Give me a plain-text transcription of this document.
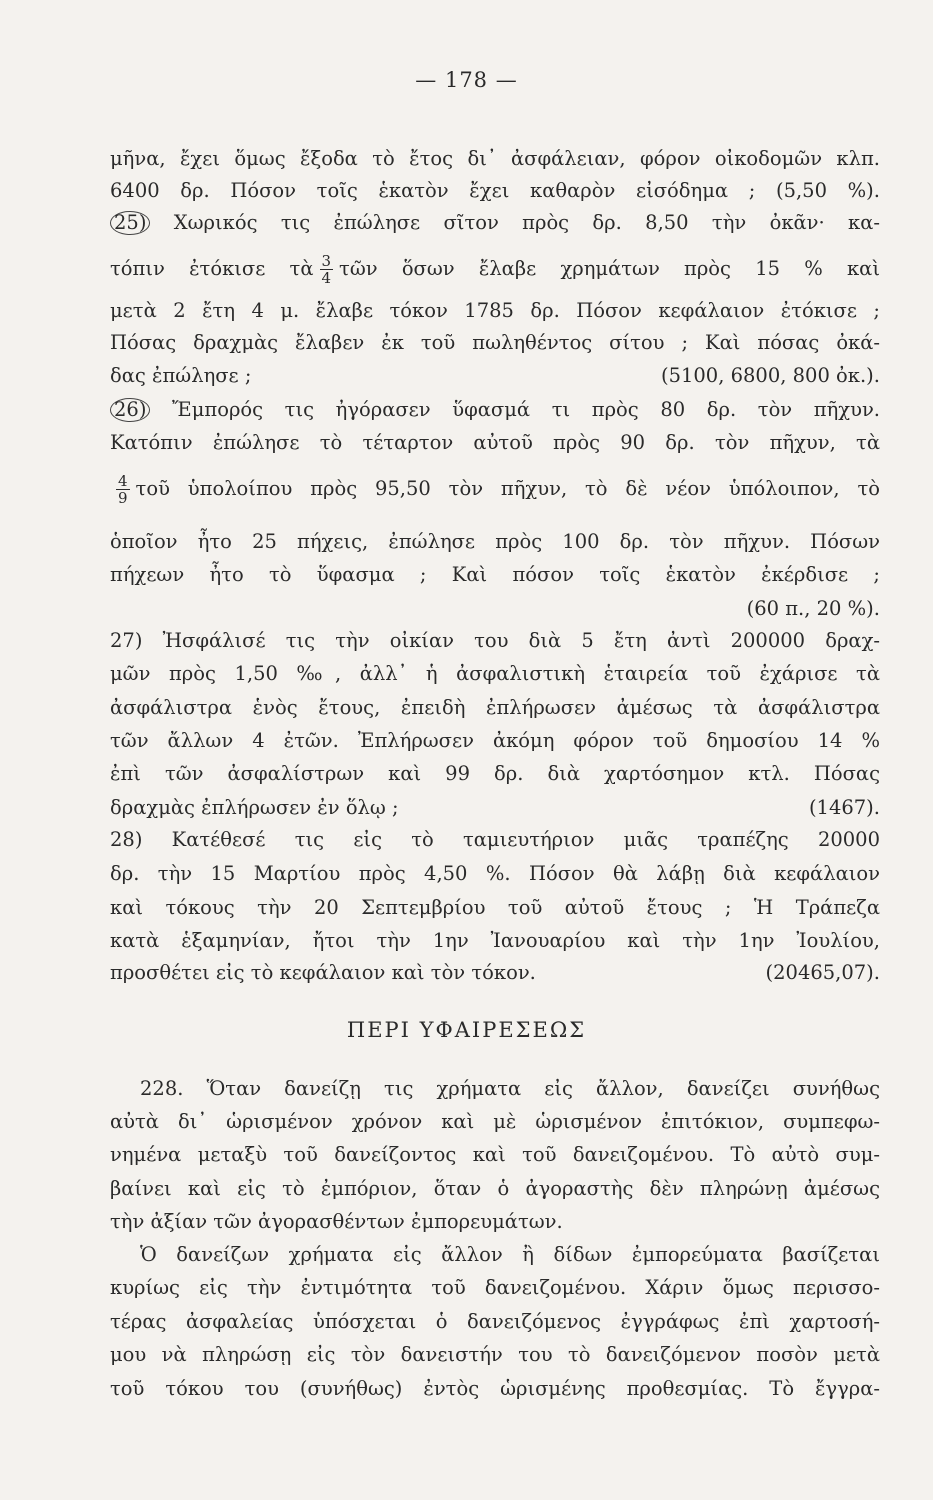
— 178 —
μῆνα, ἔχει ὅμως ἔξοδα τὸ ἔτος δι᾽ ἀσφάλειαν, φόρον οἰκοδομῶν κλπ.
6400 δρ. Πόσον τοῖς ἑκατὸν ἔχει καθαρὸν εἰσόδημα ; (5,50 %).
25) Χωρικός τις ἐπώλησε σῖτον πρὸς δρ. 8,50 τὴν ὀκᾶν· κα-
τόπιν ἐτόκισε τὰ $\frac{3}{4}$ τῶν ὅσων ἔλαβε χρημάτων πρὸς 15 % καὶ
μετὰ 2 ἔτη 4 μ. ἔλαβε τόκον 1785 δρ. Πόσον κεφάλαιον ἐτόκισε ;
Πόσας δραχμὰς ἔλαβεν ἐκ τοῦ πωληθέντος σίτου ; Καὶ πόσας ὀκά-
δας ἐπώλησε ;	(5100, 6800, 800 ὀκ.).
26) Ἔμπορός τις ἠγόρασεν ὕφασμά τι πρὸς 80 δρ. τὸν πῆχυν.
Κατόπιν ἐπώλησε τὸ τέταρτον αὐτοῦ πρὸς 90 δρ. τὸν πῆχυν, τὰ
$\frac{4}{9}$ τοῦ ὑπολοίπου πρὸς 95,50 τὸν πῆχυν, τὸ δὲ νέον ὑπόλοιπον, τὸ
ὁποῖον ἦτο 25 πήχεις, ἐπώλησε πρὸς 100 δρ. τὸν πῆχυν. Πόσων
πήχεων ἦτο τὸ ὕφασμα ; Καὶ πόσον τοῖς ἑκατὸν ἐκέρδισε ;
(60 π., 20 %).
27) Ἠσφάλισέ τις τὴν οἰκίαν του διὰ 5 ἔτη ἀντὶ 200000 δραχ-
μῶν πρὸς 1,50 ‰, ἀλλ᾽ ἡ ἀσφαλιστικὴ ἑταιρεία τοῦ ἐχάρισε τὰ
ἀσφάλιστρα ἑνὸς ἔτους, ἐπειδὴ ἐπλήρωσεν ἀμέσως τὰ ἀσφάλιστρα
τῶν ἄλλων 4 ἐτῶν. Ἐπλήρωσεν ἀκόμη φόρον τοῦ δημοσίου 14 %
ἐπὶ τῶν ἀσφαλίστρων καὶ 99 δρ. διὰ χαρτόσημον κτλ. Πόσας
δραχμὰς ἐπλήρωσεν ἐν ὅλῳ ;	(1467).
28) Κατέθεσέ τις εἰς τὸ ταμιευτήριον μιᾶς τραπέζης 20000
δρ. τὴν 15 Μαρτίου πρὸς 4,50 %. Πόσον θὰ λάβῃ διὰ κεφάλαιον
καὶ τόκους τὴν 20 Σεπτεμβρίου τοῦ αὐτοῦ ἔτους ; Ἡ Τράπεζα
κατὰ ἑξαμηνίαν, ἤτοι τὴν 1ην Ἰανουαρίου καὶ τὴν 1ην Ἰουλίου,
προσθέτει εἰς τὸ κεφάλαιον καὶ τὸν τόκον.	(20465,07).
ΠΕΡΙ ΥΦΑΙΡΕΣΕΩΣ
228. Ὅταν δανείζῃ τις χρήματα εἰς ἄλλον, δανείζει συνήθως
αὐτὰ δι᾽ ὡρισμένον χρόνον καὶ μὲ ὡρισμένον ἐπιτόκιον, συμπεφω-
νημένα μεταξὺ τοῦ δανείζοντος καὶ τοῦ δανειζομένου. Τὸ αὐτὸ συμ-
βαίνει καὶ εἰς τὸ ἐμπόριον, ὅταν ὁ ἀγοραστὴς δὲν πληρώνῃ ἀμέσως
τὴν ἀξίαν τῶν ἀγορασθέντων ἐμπορευμάτων.
Ὁ δανείζων χρήματα εἰς ἄλλον ἢ δίδων ἐμπορεύματα βασίζεται
κυρίως εἰς τὴν ἐντιμότητα τοῦ δανειζομένου. Χάριν ὅμως περισσο-
τέρας ἀσφαλείας ὑπόσχεται ὁ δανειζόμενος ἐγγράφως ἐπὶ χαρτοσή-
μου νὰ πληρώσῃ εἰς τὸν δανειστήν του τὸ δανειζόμενον ποσὸν μετὰ
τοῦ τόκου του (συνήθως) ἐντὸς ὡρισμένης προθεσμίας. Τὸ ἔγγρα-
